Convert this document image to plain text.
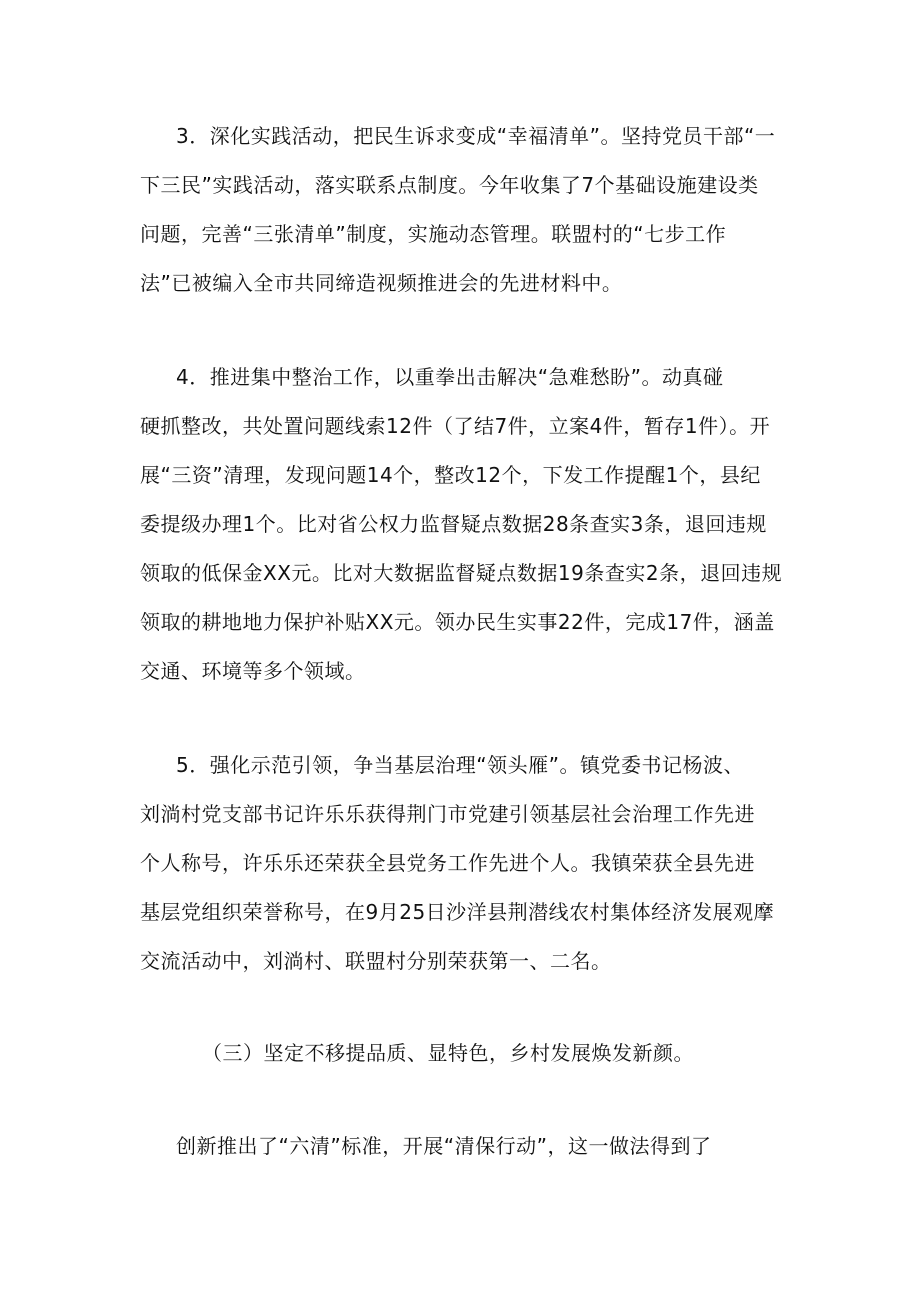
3．深化实践活动，把民生诉求变成“幸福清单”。坚持党员干部“一
下三民”实践活动，落实联系点制度。今年收集了7个基础设施建设类
问题，完善“三张清单”制度，实施动态管理。联盟村的“七步工作
法”已被编入全市共同缔造视频推进会的先进材料中。
4．推进集中整治工作，以重拳出击解决“急难愁盼”。动真碰
硬抓整改，共处置问题线索12件（了结7件，立案4件，暂存1件）。开
展“三资”清理，发现问题14个，整改12个，下发工作提醒1个，县纪
委提级办理1个。比对省公权力监督疑点数据28条查实3条，退回违规
领取的低保金XX元。比对大数据监督疑点数据19条查实2条，退回违规
领取的耕地地力保护补贴XX元。领办民生实事22件，完成17件，涵盖
交通、环境等多个领域。
5．强化示范引领，争当基层治理“领头雁”。镇党委书记杨波、
刘淌村党支部书记许乐乐获得荆门市党建引领基层社会治理工作先进
个人称号，许乐乐还荣获全县党务工作先进个人。我镇荣获全县先进
基层党组织荣誉称号，在9月25日沙洋县荆潜线农村集体经济发展观摩
交流活动中，刘淌村、联盟村分别荣获第一、二名。
（三）坚定不移提品质、显特色，乡村发展焕发新颜。
创新推出了“六清”标准，开展“清保行动”，这一做法得到了
